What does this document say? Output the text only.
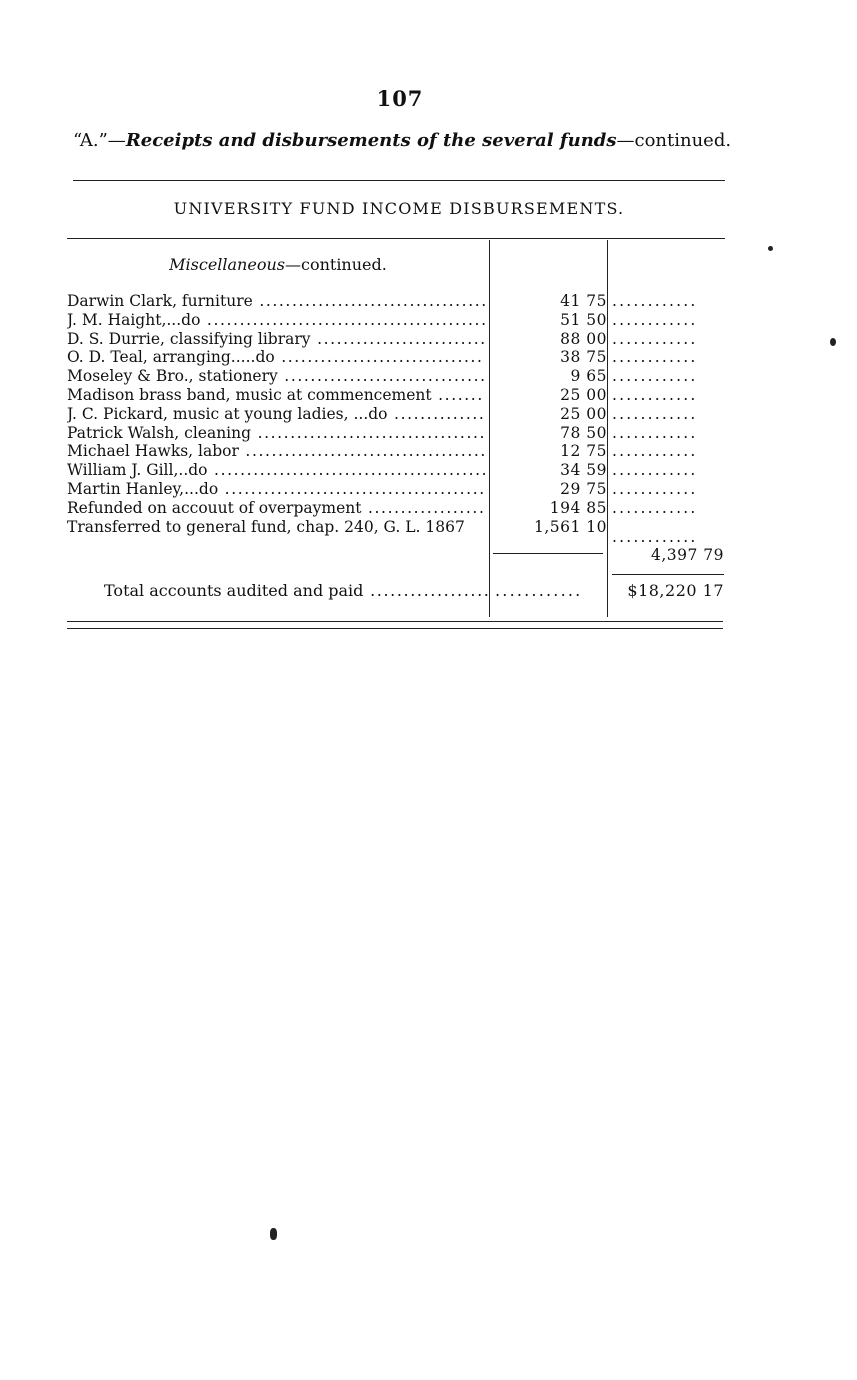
107
“A.”—Receipts and disbursements of the several funds—continued.
UNIVERSITY FUND INCOME DISBURSEMENTS.
Miscellaneous—continued.
Darwin Clark, furniture .....	41 75 ............
J. M. Haight,...do .....	51 50 ............
D. S. Durrie, classifying library .....	88 00 ............
O. D. Teal, arranging.....do .....	38 75 ............
Moseley & Bro., stationery .....	9 65 ............
Madison brass band, music at commencement .....	25 00 ............
J. C. Pickard, music at young ladies, ...do .....	25 00 ............
Patrick Walsh, cleaning .....	78 50 ............
Michael Hawks, labor .....	12 75 ............
William J. Gill,..do .....	34 59 ............
Martin Hanley,...do .....	29 75 ............
Refunded on accouut of overpayment .....	194 85 ............
Transferred to general fund, chap. 240, G. L. 1867	1,561 10
............
4,397 79
Total accounts audited and paid .....	............	$18,220 17
